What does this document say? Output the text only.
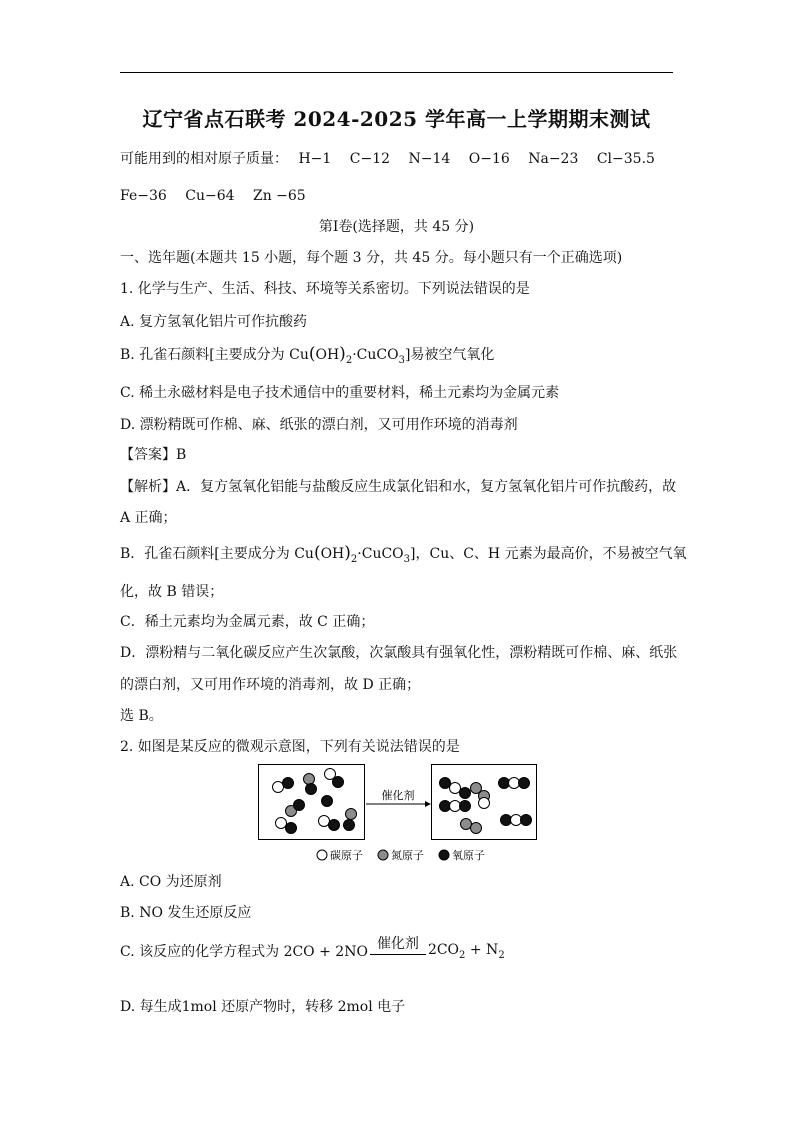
辽宁省点石联考 2024-2025 学年高一上学期期末测试
可能用到的相对原子质量： H−1 C−12 N−14 O−16 Na−23 Cl−35.5
Fe−36 Cu−64 Zn −65
第Ⅰ卷(选择题，共 45 分)
一、选年题(本题共 15 小题，每个题 3 分，共 45 分。每小题只有一个正确选项)
1. 化学与生产、生活、科技、环境等关系密切。下列说法错误的是
A. 复方氢氧化铝片可作抗酸药
B. 孔雀石颜料[主要成分为 $Cu(OH)_2\cdot CuCO_3$]易被空气氧化
C. 稀土永磁材料是电子技术通信中的重要材料，稀土元素均为金属元素
D. 漂粉精既可作棉、麻、纸张的漂白剂，又可用作环境的消毒剂
【答案】B
【解析】A．复方氢氧化铝能与盐酸反应生成氯化铝和水，复方氢氧化铝片可作抗酸药，故
A 正确；
B．孔雀石颜料[主要成分为 $Cu(OH)_2\cdot CuCO_3$]，Cu、C、H 元素为最高价，不易被空气氧
化，故 B 错误；
C．稀土元素均为金属元素，故 C 正确；
D．漂粉精与二氧化碳反应产生次氯酸，次氯酸具有强氧化性，漂粉精既可作棉、麻、纸张
的漂白剂，又可用作环境的消毒剂，故 D 正确；
选 B。
2. 如图是某反应的微观示意图，下列有关说法错误的是
催化剂
碳原子	氮原子	氧原子
A. CO 为还原剂
B. NO 发生还原反应
C. 该反应的化学方程式为 2CO + 2NO 催化剂 $2CO_2 + N_2$
D. 每生成1mol 还原产物时，转移 2mol 电子
